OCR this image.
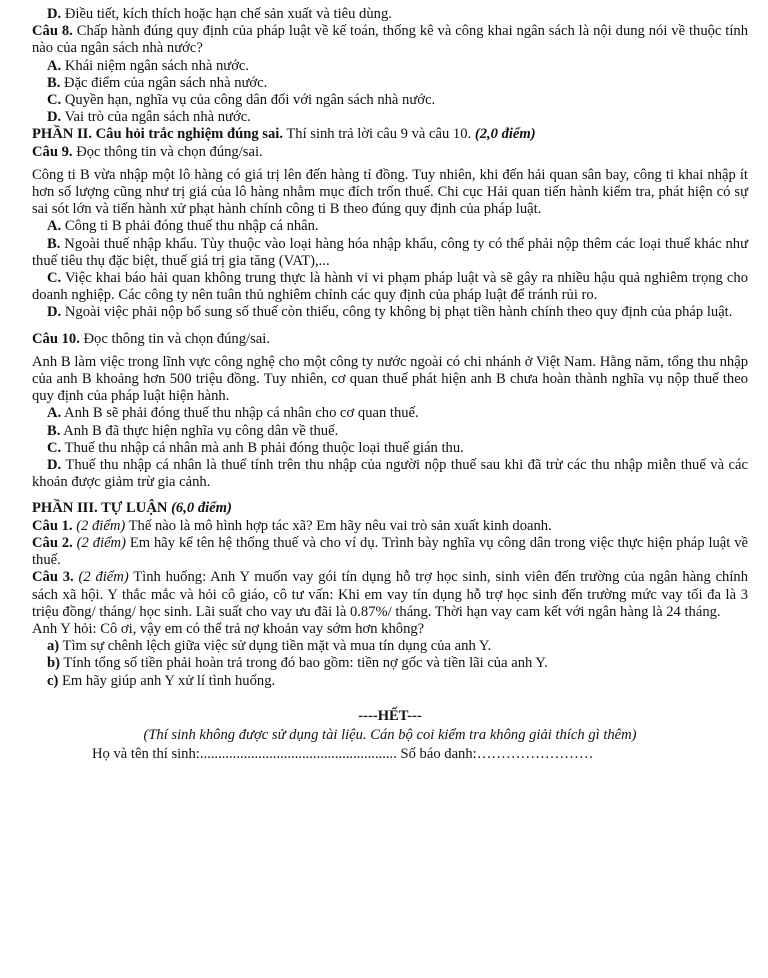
D. Điều tiết, kích thích hoặc hạn chế sản xuất và tiêu dùng.

Câu 8. Chấp hành đúng quy định của pháp luật về kế toán, thống kê và công khai ngân sách là nội dung nói về thuộc tính nào của ngân sách nhà nước?

A. Khái niệm ngân sách nhà nước.

B. Đặc điểm của ngân sách nhà nước.

C. Quyền hạn, nghĩa vụ của công dân đối với ngân sách nhà nước.

D. Vai trò của ngân sách nhà nước.

PHẦN II. Câu hỏi trắc nghiệm đúng sai. Thí sinh trả lời câu 9 và câu 10. (2,0 điểm)

Câu 9. Đọc thông tin và chọn đúng/sai.

Công ti B vừa nhập một lô hàng có giá trị lên đến hàng tỉ đồng. Tuy nhiên, khi đến hải quan sân bay, công ti khai nhập ít hơn số lượng cũng như trị giá của lô hàng nhằm mục đích trốn thuế. Chi cục Hải quan tiến hành kiểm tra, phát hiện có sự sai sót lớn và tiến hành xử phạt hành chính công ti B theo đúng quy định của pháp luật.

A. Công ti B phải đóng thuế thu nhập cá nhân.

B. Ngoài thuế nhập khẩu. Tùy thuộc vào loại hàng hóa nhập khẩu, công ty có thể phải nộp thêm các loại thuế khác như thuế tiêu thụ đặc biệt, thuế giá trị gia tăng (VAT),...

C. Việc khai báo hải quan không trung thực là hành vi vi phạm pháp luật và sẽ gây ra nhiều hậu quả nghiêm trọng cho doanh nghiệp. Các công ty nên tuân thủ nghiêm chỉnh các quy định của pháp luật để tránh rủi ro.

D. Ngoài việc phải nộp bổ sung số thuế còn thiếu, công ty không bị phạt tiền hành chính theo quy định của pháp luật.

Câu 10. Đọc thông tin và chọn đúng/sai.

Anh B làm việc trong lĩnh vực công nghệ cho một công ty nước ngoài có chi nhánh ở Việt Nam. Hằng năm, tổng thu nhập của anh B khoảng hơn 500 triệu đồng. Tuy nhiên, cơ quan thuế phát hiện anh B chưa hoàn thành nghĩa vụ nộp thuế theo quy định của pháp luật hiện hành.

A. Anh B sẽ phải đóng thuế thu nhập cá nhân cho cơ quan thuế.

B. Anh B đã thực hiện nghĩa vụ công dân về thuế.

C. Thuế thu nhập cá nhân mà anh B phải đóng thuộc loại thuế gián thu.

D. Thuế thu nhập cá nhân là thuế tính trên thu nhập của người nộp thuế sau khi đã trừ các thu nhập miễn thuế và các khoản được giảm trừ gia cảnh.

PHẦN III. TỰ LUẬN (6,0 điểm)

Câu 1. (2 điểm) Thế nào là mô hình hợp tác xã? Em hãy nêu vai trò sản xuất kinh doanh.

Câu 2. (2 điểm) Em hãy kể tên hệ thống thuế và cho ví dụ. Trình bày nghĩa vụ công dân trong việc thực hiện pháp luật về thuế.

Câu 3. (2 điểm) Tình huống: Anh Y muốn vay gói tín dụng hỗ trợ học sinh, sinh viên đến trường của ngân hàng chính sách xã hội. Y thắc mắc và hỏi cô giáo, cô tư vấn: Khi em vay tín dụng hỗ trợ học sinh đến trường mức vay tối đa là 3 triệu đồng/ tháng/ học sinh. Lãi suất cho vay ưu đãi là 0.87%/ tháng. Thời hạn vay cam kết với ngân hàng là 24 tháng.

Anh Y hỏi: Cô ơi, vậy em có thể trả nợ khoản vay sớm hơn không?

a) Tìm sự chênh lệch giữa việc sử dụng tiền mặt và mua tín dụng của anh Y.

b) Tính tổng số tiền phải hoàn trả trong đó bao gồm: tiền nợ gốc và tiền lãi của anh Y.

c) Em hãy giúp anh Y xử lí tình huống.

----HẾT---

(Thí sinh không được sử dụng tài liệu. Cán bộ coi kiểm tra không giải thích gì thêm)

Họ và tên thí sinh:...................................................... Số báo danh:……………………
